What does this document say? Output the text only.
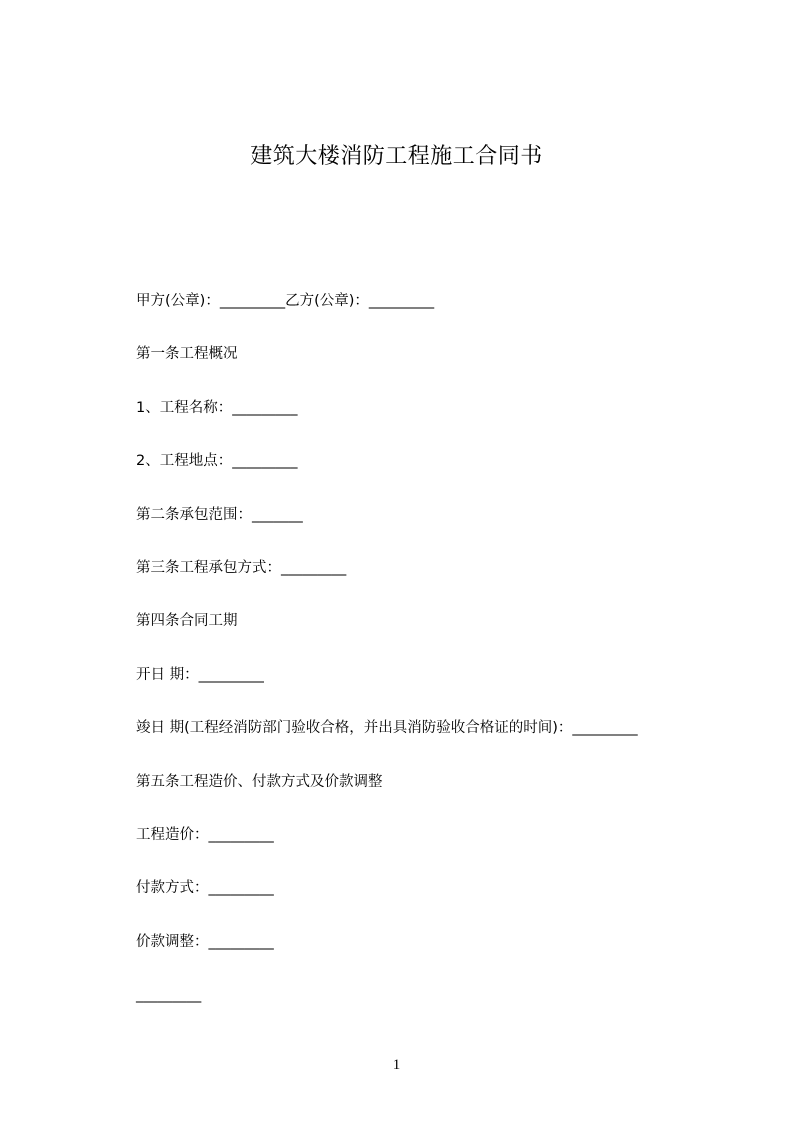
建筑大楼消防工程施工合同书
甲方(公章)：_________乙方(公章)：_________
第一条工程概况
1、工程名称：_________
2、工程地点：_________
第二条承包范围：_______
第三条工程承包方式：_________
第四条合同工期
开日 期：_________
竣日 期(工程经消防部门验收合格，并出具消防验收合格证的时间)：_________
第五条工程造价、付款方式及价款调整
工程造价：_________
付款方式：_________
价款调整：_________
_________
1
